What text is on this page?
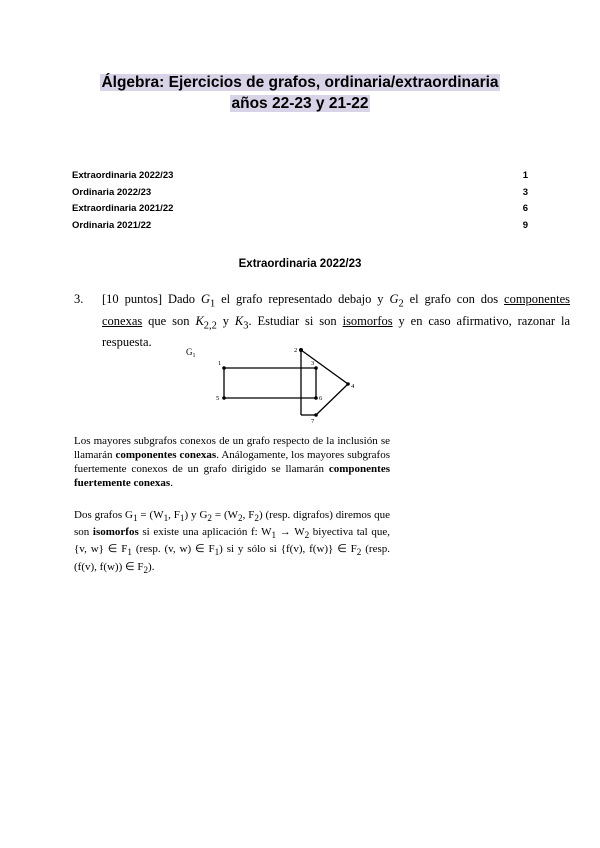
Álgebra: Ejercicios de grafos, ordinaria/extraordinaria
años 22-23 y 21-22
Extraordinaria 2022/23	1
Ordinaria 2022/23	3
Extraordinaria 2021/22	6
Ordinaria 2021/22	9
Extraordinaria 2022/23
3. [10 puntos] Dado $G_1$ el grafo representado debajo y $G_2$ el grafo con dos componentes conexas que son $K_{2,2}$ y $K_3$. Estudiar si son isomorfos y en caso afirmativo, razonar la respuesta.
$G_1$
1
2
3
4
5	6
7
Los mayores subgrafos conexos de un grafo respecto de la inclusión se llamarán componentes conexas. Análogamente, los mayores subgrafos fuertemente conexos de un grafo dirigido se llamarán componentes fuertemente conexas.
Dos grafos $G_1 = (W_1$, $F_1$) y $G_2 = (W_2$, $F_2$) (resp. digrafos) diremos que son isomorfos si existe una aplicación f: $W_1 \to W_2$ biyectiva tal que, {v, w} ∈ $F_1$ (resp. (v, w) ∈ $F_1$) si y sólo si {f(v), f(w)} ∈ $F_2$ (resp. (f(v), f(w)) ∈ $F_2$).
